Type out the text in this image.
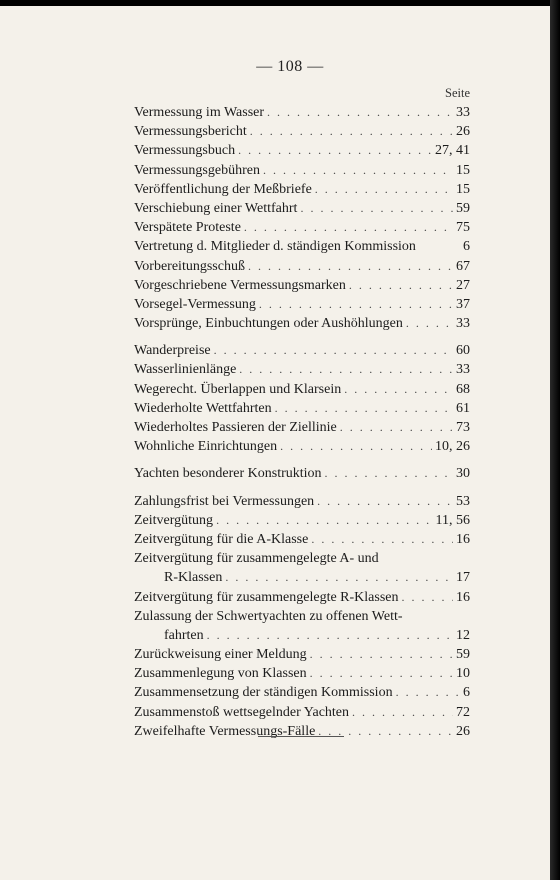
— 108 —
Seite
Vermessung im Wasser . . .	33
Vermessungsbericht . . .	26
Vermessungsbuch . . .	27, 41
Vermessungsgebühren . . .	15
Veröffentlichung der Meßbriefe . . .	15
Verschiebung einer Wettfahrt . . .	59
Verspätete Proteste . . .	75
Vertretung d. Mitglieder d. ständigen Kommission	6
Vorbereitungsschuß . . .	67
Vorgeschriebene Vermessungsmarken . . .	27
Vorsegel-Vermessung . . .	37
Vorsprünge, Einbuchtungen oder Aushöhlungen . . .	33
Wanderpreise . . .	60
Wasserlinienlänge . . .	33
Wegerecht. Überlappen und Klarsein . . .	68
Wiederholte Wettfahrten . . .	61
Wiederholtes Passieren der Ziellinie . . .	73
Wohnliche Einrichtungen . . .	10, 26
Yachten besonderer Konstruktion . . .	30
Zahlungsfrist bei Vermessungen . . .	53
Zeitvergütung . . .	11, 56
Zeitvergütung für die A-Klasse . . .	16
Zeitvergütung für zusammengelegte A- und
R-Klassen . . .	17
Zeitvergütung für zusammengelegte R-Klassen . . .	16
Zulassung der Schwertyachten zu offenen Wett-
fahrten . . .	12
Zurückweisung einer Meldung . . .	59
Zusammenlegung von Klassen . . .	10
Zusammensetzung der ständigen Kommission . . .	6
Zusammenstoß wettsegelnder Yachten . . .	72
Zweifelhafte Vermessungs-Fälle . . .	26
